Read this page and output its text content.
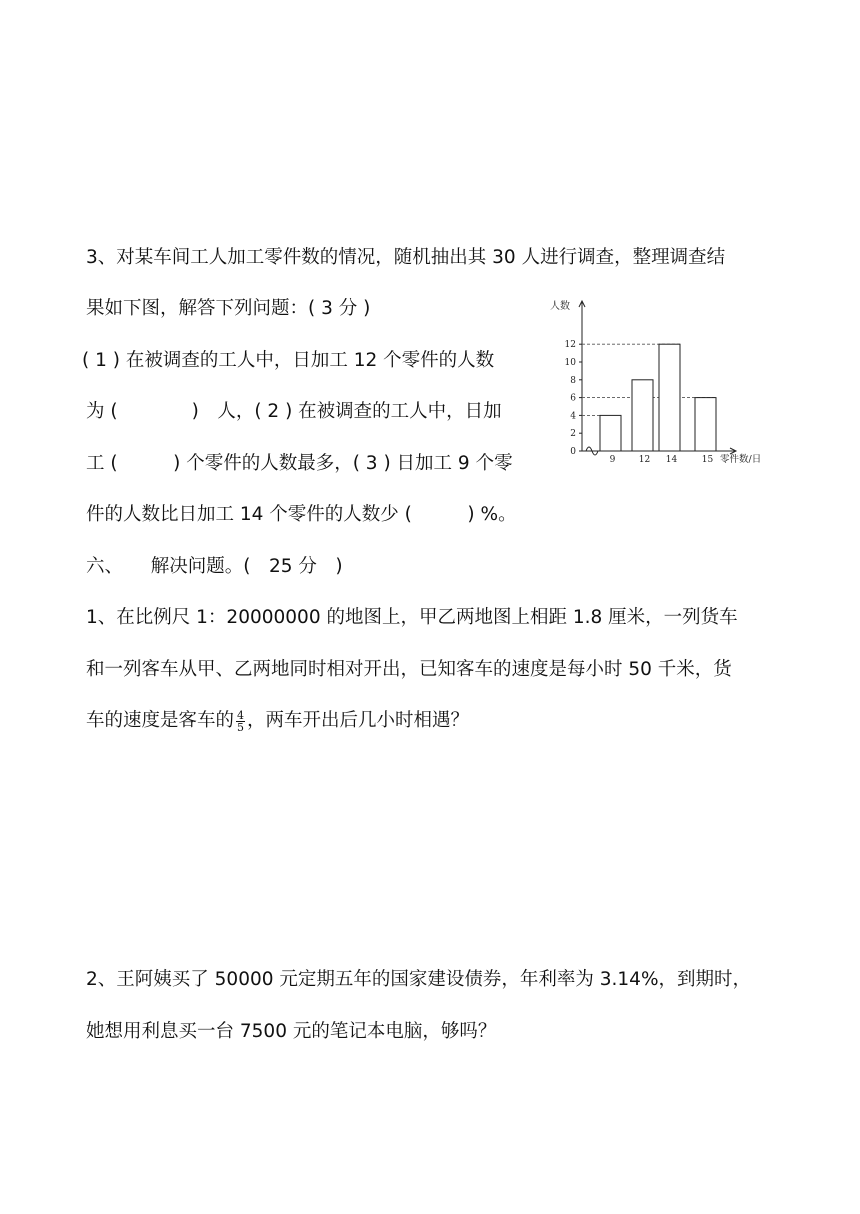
3、对某车间工人加工零件数的情况，随机抽出其 30 人进行调查，整理调查结
果如下图，解答下列问题：( 3 分 )
( 1 ) 在被调查的工人中，日加工 12 个零件的人数
为 (　　　　)　人，( 2 ) 在被调查的工人中，日加
工 (　　　) 个零件的人数最多，( 3 ) 日加工 9 个零
件的人数比日加工 14 个零件的人数少 (　　　) %。
0
2
4
6
8
10
12
9	12 14	15
人数
零件数/日
六、　　解决问题。(　25 分　)
1、在比例尺 1：20000000 的地图上，甲乙两地图上相距 1.8 厘米，一列货车
和一列客车从甲、乙两地同时相对开出，已知客车的速度是每小时 50 千米，货
车的速度是客车的 $\frac{4}{5}$ ，两车开出后几小时相遇？
2、王阿姨买了 50000 元定期五年的国家建设债券，年利率为 3.14%，到期时，
她想用利息买一台 7500 元的笔记本电脑，够吗？
